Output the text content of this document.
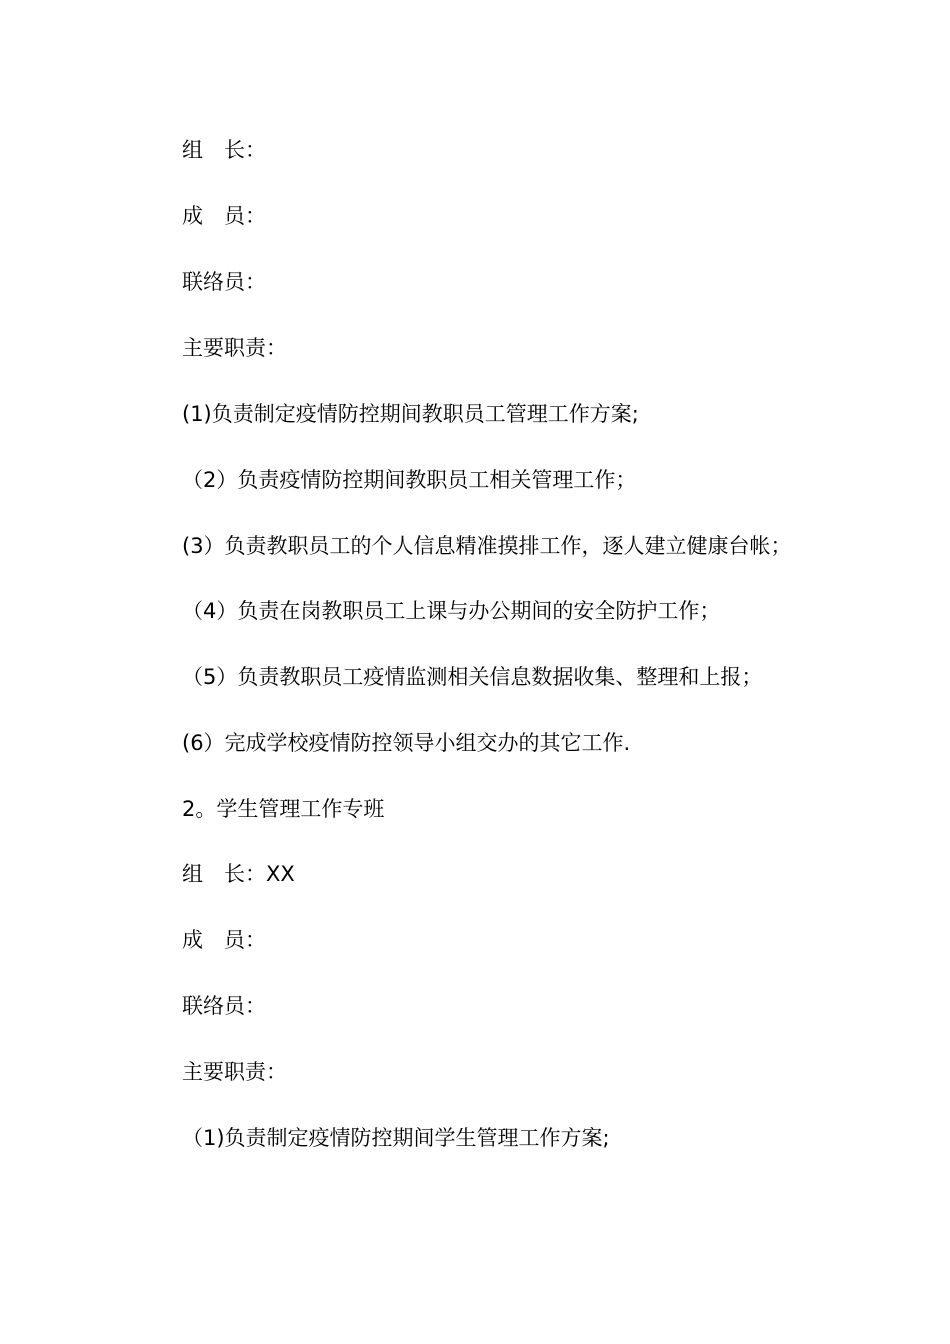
组　长：
成　员：
联络员：
主要职责：
(1)负责制定疫情防控期间教职员工管理工作方案;
（2）负责疫情防控期间教职员工相关管理工作；
(3）负责教职员工的个人信息精准摸排工作，逐人建立健康台帐；
（4）负责在岗教职员工上课与办公期间的安全防护工作；
（5）负责教职员工疫情监测相关信息数据收集、整理和上报；
(6）完成学校疫情防控领导小组交办的其它工作.
2。学生管理工作专班
组　长：XX
成　员：
联络员：
主要职责：
（1)负责制定疫情防控期间学生管理工作方案;
